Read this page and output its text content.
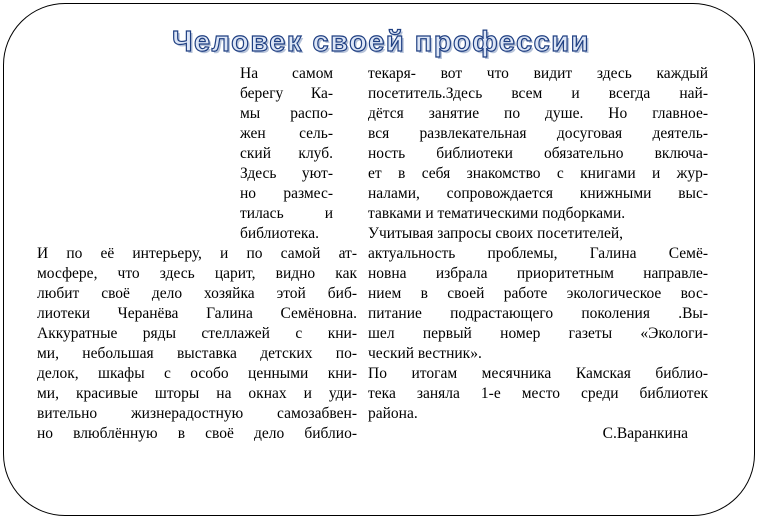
Человек своей профессии
На самом
берегу Ка-
мы распо-
жен сель-
ский клуб.
Здесь уют-
но размес-
тилась и
библиотека.
И по её интерьеру, и по самой ат-
мосфере, что здесь царит, видно как
любит своё дело хозяйка этой биб-
лиотеки Черанёва Галина Семёновна.
Аккуратные ряды стеллажей с кни-
ми, небольшая выставка детских по-
делок, шкафы с особо ценными кни-
ми, красивые шторы на окнах и уди-
вительно жизнерадостную самозабвен-
но влюблённую в своё дело библио-
текаря- вот что видит здесь каждый
посетитель.Здесь всем и всегда най-
дётся занятие по душе. Но главное-
вся развлекательная досуговая деятель-
ность библиотеки обязательно включа-
ет в себя знакомство с книгами и жур-
налами, сопровождается книжными выс-
тавками и тематическими подборками.
Учитывая запросы своих посетителей,
актуальность проблемы, Галина Семё-
новна избрала приоритетным направле-
нием в своей работе экологическое вос-
питание подрастающего поколения .Вы-
шел первый номер газеты «Экологи-
ческий вестник».
По итогам месячника Камская библио-
тека заняла 1-е место среди библиотек
района.
С.Варанкина
